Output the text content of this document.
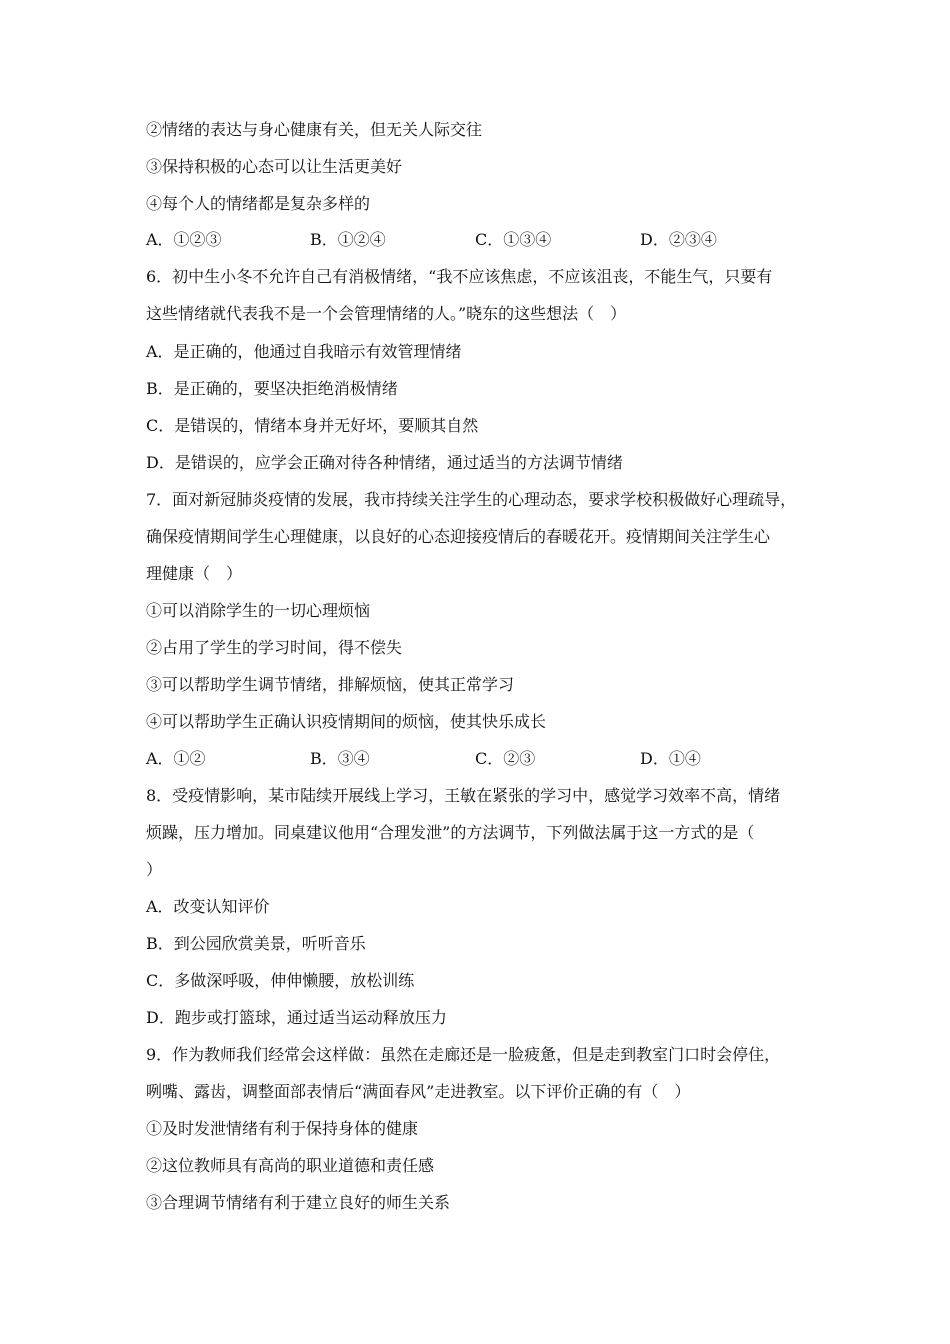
②情绪的表达与身心健康有关，但无关人际交往
③保持积极的心态可以让生活更美好
④每个人的情绪都是复杂多样的
A．①②③	B．①②④	C．①③④	D．②③④
6．初中生小冬不允许自己有消极情绪，“我不应该焦虑，不应该沮丧，不能生气，只要有
这些情绪就代表我不是一个会管理情绪的人。”晓东的这些想法（　）
A．是正确的，他通过自我暗示有效管理情绪
B．是正确的，要坚决拒绝消极情绪
C．是错误的，情绪本身并无好坏，要顺其自然
D．是错误的，应学会正确对待各种情绪，通过适当的方法调节情绪
7．面对新冠肺炎疫情的发展，我市持续关注学生的心理动态，要求学校积极做好心理疏导，
确保疫情期间学生心理健康，以良好的心态迎接疫情后的春暖花开。疫情期间关注学生心
理健康（　）
①可以消除学生的一切心理烦恼
②占用了学生的学习时间，得不偿失
③可以帮助学生调节情绪，排解烦恼，使其正常学习
④可以帮助学生正确认识疫情期间的烦恼，使其快乐成长
A．①②	B．③④	C．②③	D．①④
8．受疫情影响，某市陆续开展线上学习，王敏在紧张的学习中，感觉学习效率不高，情绪
烦躁，压力增加。同桌建议他用“合理发泄”的方法调节，下列做法属于这一方式的是（
）
A．改变认知评价
B．到公园欣赏美景，听听音乐
C．多做深呼吸，伸伸懒腰，放松训练
D．跑步或打篮球，通过适当运动释放压力
9．作为教师我们经常会这样做：虽然在走廊还是一脸疲惫，但是走到教室门口时会停住，
咧嘴、露齿，调整面部表情后“满面春风”走进教室。以下评价正确的有（　）
①及时发泄情绪有利于保持身体的健康
②这位教师具有高尚的职业道德和责任感
③合理调节情绪有利于建立良好的师生关系
